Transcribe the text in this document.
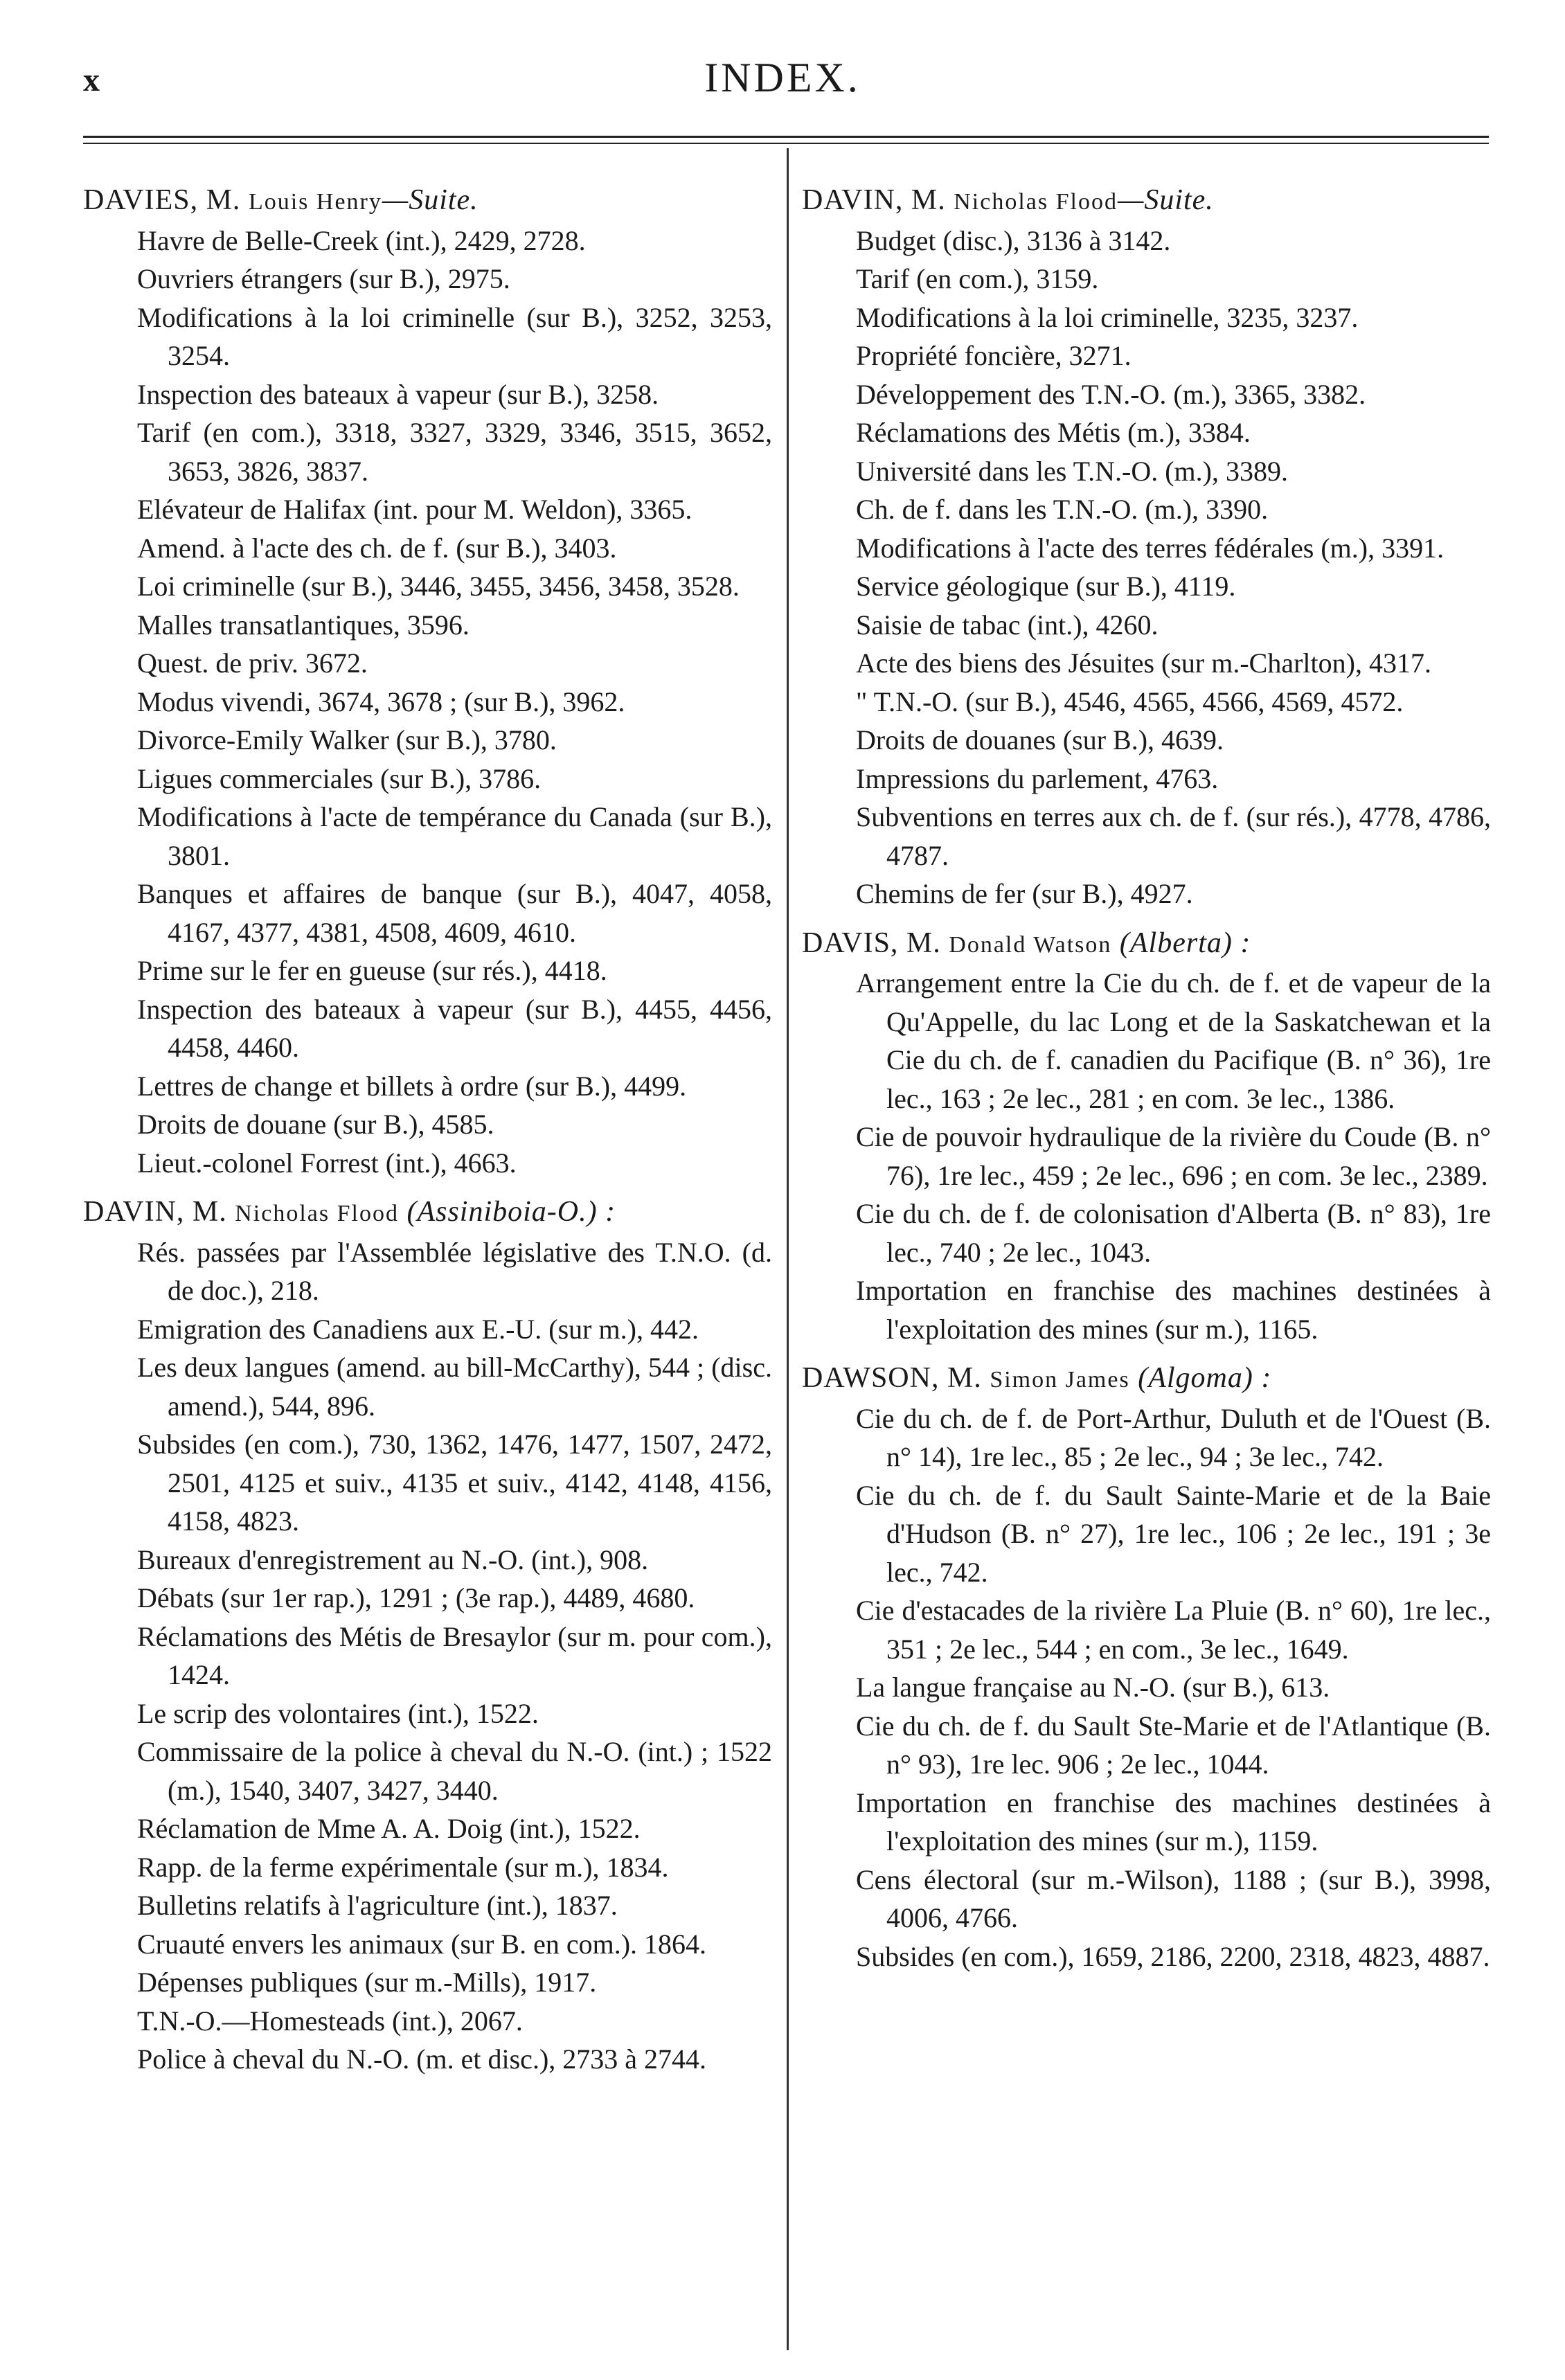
x	INDEX.
DAVIES, M. Louis Henry—Suite.
Havre de Belle-Creek (int.), 2429, 2728.
Ouvriers étrangers (sur B.), 2975.
Modifications à la loi criminelle (sur B.), 3252, 3253, 3254.
Inspection des bateaux à vapeur (sur B.), 3258.
Tarif (en com.), 3318, 3327, 3329, 3346, 3515, 3652, 3653, 3826, 3837.
Elévateur de Halifax (int. pour M. Weldon), 3365.
Amend. à l'acte des ch. de f. (sur B.), 3403.
Loi criminelle (sur B.), 3446, 3455, 3456, 3458, 3528.
Malles transatlantiques, 3596.
Quest. de priv. 3672.
Modus vivendi, 3674, 3678 ; (sur B.), 3962.
Divorce-Emily Walker (sur B.), 3780.
Ligues commerciales (sur B.), 3786.
Modifications à l'acte de tempérance du Canada (sur B.), 3801.
Banques et affaires de banque (sur B.), 4047, 4058, 4167, 4377, 4381, 4508, 4609, 4610.
Prime sur le fer en gueuse (sur rés.), 4418.
Inspection des bateaux à vapeur (sur B.), 4455, 4456, 4458, 4460.
Lettres de change et billets à ordre (sur B.), 4499.
Droits de douane (sur B.), 4585.
Lieut.-colonel Forrest (int.), 4663.
DAVIN, M. Nicholas Flood (Assiniboia-O.) :
Rés. passées par l'Assemblée législative des T.N.O. (d. de doc.), 218.
Emigration des Canadiens aux E.-U. (sur m.), 442.
Les deux langues (amend. au bill-McCarthy), 544 ; (disc. amend.), 544, 896.
Subsides (en com.), 730, 1362, 1476, 1477, 1507, 2472, 2501, 4125 et suiv., 4135 et suiv., 4142, 4148, 4156, 4158, 4823.
Bureaux d'enregistrement au N.-O. (int.), 908.
Débats (sur 1er rap.), 1291 ; (3e rap.), 4489, 4680.
Réclamations des Métis de Bresaylor (sur m. pour com.), 1424.
Le scrip des volontaires (int.), 1522.
Commissaire de la police à cheval du N.-O. (int.) ; 1522 (m.), 1540, 3407, 3427, 3440.
Réclamation de Mme A. A. Doig (int.), 1522.
Rapp. de la ferme expérimentale (sur m.), 1834.
Bulletins relatifs à l'agriculture (int.), 1837.
Cruauté envers les animaux (sur B. en com.). 1864.
Dépenses publiques (sur m.-Mills), 1917.
T.N.-O.—Homesteads (int.), 2067.
Police à cheval du N.-O. (m. et disc.), 2733 à 2744.
DAVIN, M. Nicholas Flood—Suite.
Budget (disc.), 3136 à 3142.
Tarif (en com.), 3159.
Modifications à la loi criminelle, 3235, 3237.
Propriété foncière, 3271.
Développement des T.N.-O. (m.), 3365, 3382.
Réclamations des Métis (m.), 3384.
Université dans les T.N.-O. (m.), 3389.
Ch. de f. dans les T.N.-O. (m.), 3390.
Modifications à l'acte des terres fédérales (m.), 3391.
Service géologique (sur B.), 4119.
Saisie de tabac (int.), 4260.
Acte des biens des Jésuites (sur m.-Charlton), 4317.
" T.N.-O. (sur B.), 4546, 4565, 4566, 4569, 4572.
Droits de douanes (sur B.), 4639.
Impressions du parlement, 4763.
Subventions en terres aux ch. de f. (sur rés.), 4778, 4786, 4787.
Chemins de fer (sur B.), 4927.
DAVIS, M. Donald Watson (Alberta) :
Arrangement entre la Cie du ch. de f. et de vapeur de la Qu'Appelle, du lac Long et de la Saskatchewan et la Cie du ch. de f. canadien du Pacifique (B. n° 36), 1re lec., 163 ; 2e lec., 281 ; en com. 3e lec., 1386.
Cie de pouvoir hydraulique de la rivière du Coude (B. n° 76), 1re lec., 459 ; 2e lec., 696 ; en com. 3e lec., 2389.
Cie du ch. de f. de colonisation d'Alberta (B. n° 83), 1re lec., 740 ; 2e lec., 1043.
Importation en franchise des machines destinées à l'exploitation des mines (sur m.), 1165.
DAWSON, M. Simon James (Algoma) :
Cie du ch. de f. de Port-Arthur, Duluth et de l'Ouest (B. n° 14), 1re lec., 85 ; 2e lec., 94 ; 3e lec., 742.
Cie du ch. de f. du Sault Sainte-Marie et de la Baie d'Hudson (B. n° 27), 1re lec., 106 ; 2e lec., 191 ; 3e lec., 742.
Cie d'estacades de la rivière La Pluie (B. n° 60), 1re lec., 351 ; 2e lec., 544 ; en com., 3e lec., 1649.
La langue française au N.-O. (sur B.), 613.
Cie du ch. de f. du Sault Ste-Marie et de l'Atlantique (B. n° 93), 1re lec. 906 ; 2e lec., 1044.
Importation en franchise des machines destinées à l'exploitation des mines (sur m.), 1159.
Cens électoral (sur m.-Wilson), 1188 ; (sur B.), 3998, 4006, 4766.
Subsides (en com.), 1659, 2186, 2200, 2318, 4823, 4887.
